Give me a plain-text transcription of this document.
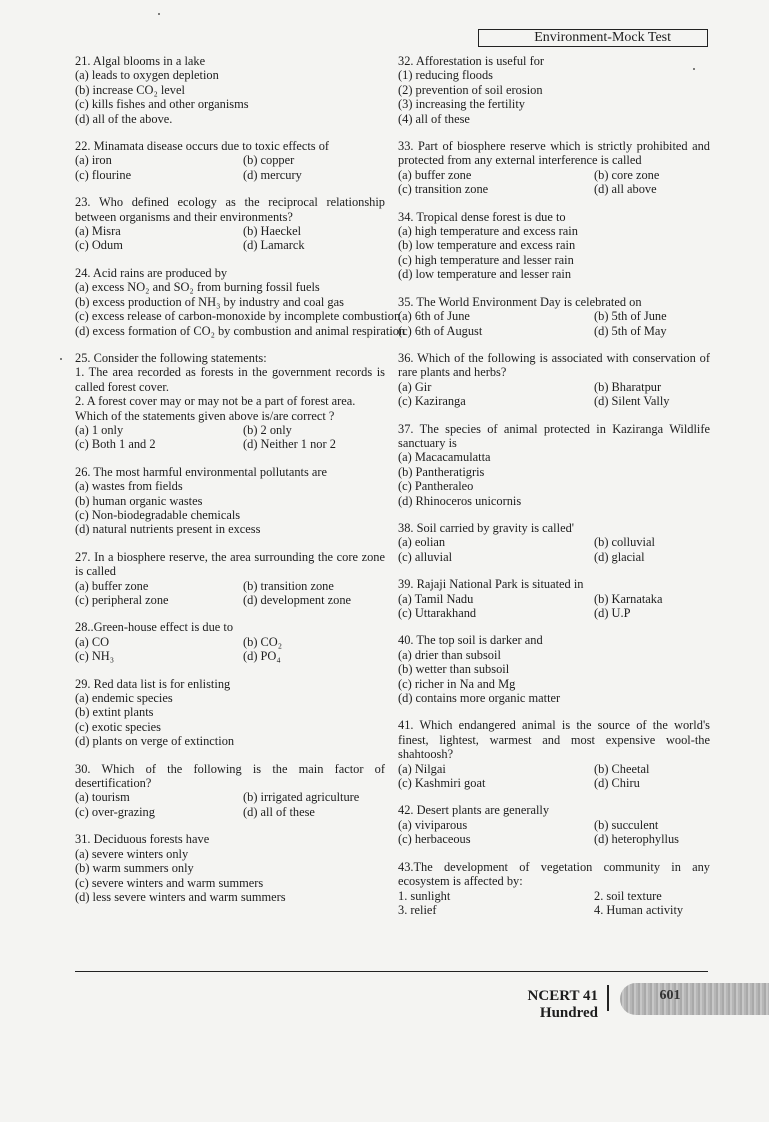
Environment-Mock Test
21. Algal blooms in a lake
(a) leads to oxygen depletion
(b) increase CO₂ level
(c) kills fishes and other organisms
(d) all of the above.
22. Minamata disease occurs due to toxic effects of
(a) iron	(b) copper
(c) flourine	(d) mercury
23. Who defined ecology as the reciprocal relationship between organisms and their environments?
(a) Misra	(b) Haeckel
(c) Odum	(d) Lamarck
24. Acid rains are produced by
(a) excess NO₂ and SO₂ from burning fossil fuels
(b) excess production of NH₃ by industry and coal gas
(c) excess release of carbon-monoxide by incomplete combustion
(d) excess formation of CO₂ by combustion and animal respiration
25. Consider the following statements:
1. The area recorded as forests in the government records is called forest cover.
2. A forest cover may or may not be a part of forest area.
Which of the statements given above is/are correct ?
(a) 1 only	(b) 2 only
(c) Both 1 and 2	(d) Neither 1 nor 2
26. The most harmful environmental pollutants are
(a) wastes from fields
(b) human organic wastes
(c) Non-biodegradable chemicals
(d) natural nutrients present in excess
27. In a biosphere reserve, the area surrounding the core zone is called
(a) buffer zone	(b) transition zone
(c) peripheral zone	(d) development zone
28..Green-house effect is due to
(a) CO	(b) CO₂
(c) NH₃	(d) PO₄
29. Red data list is for enlisting
(a) endemic species
(b) extint plants
(c) exotic species
(d) plants on verge of extinction
30. Which of the following is the main factor of desertification?
(a) tourism	(b) irrigated agriculture
(c) over-grazing	(d) all of these
31. Deciduous forests have
(a) severe winters only
(b) warm summers only
(c) severe winters and warm summers
(d) less severe winters and warm summers
32. Afforestation is useful for
(1) reducing floods
(2) prevention of soil erosion
(3) increasing the fertility
(4) all of these
33. Part of biosphere reserve which is strictly prohibited and protected from any external interference is called
(a) buffer zone	(b) core zone
(c) transition zone	(d) all above
34. Tropical dense forest is due to
(a) high temperature and excess rain
(b) low temperature and excess rain
(c) high temperature and lesser rain
(d) low temperature and lesser rain
35. The World Environment Day is celebrated on
(a) 6th of June	(b) 5th of June
(c) 6th of August	(d) 5th of May
36. Which of the following is associated with conservation of rare plants and herbs?
(a) Gir	(b) Bharatpur
(c) Kaziranga	(d) Silent Vally
37. The species of animal protected in Kaziranga Wildlife sanctuary is
(a) Macacamulatta
(b) Pantheratigris
(c) Pantheraleo
(d) Rhinoceros unicornis
38. Soil carried by gravity is called'
(a) eolian	(b) colluvial
(c) alluvial	(d) glacial
39. Rajaji National Park is situated in
(a) Tamil Nadu	(b) Karnataka
(c) Uttarakhand	(d) U.P
40. The top soil is darker and
(a) drier than subsoil
(b) wetter than subsoil
(c) richer in Na and Mg
(d) contains more organic matter
41. Which endangered animal is the source of the world's finest, lightest, warmest and most expensive wool-the shahtoosh?
(a) Nilgai	(b) Cheetal
(c) Kashmiri goat	(d) Chiru
42. Desert plants are generally
(a) viviparous	(b) succulent
(c) herbaceous	(d) heterophyllus
43.The development of vegetation community in any ecosystem is affected by:
1. sunlight	2. soil texture
3. relief	4. Human activity
NCERT 41 Hundred
601
